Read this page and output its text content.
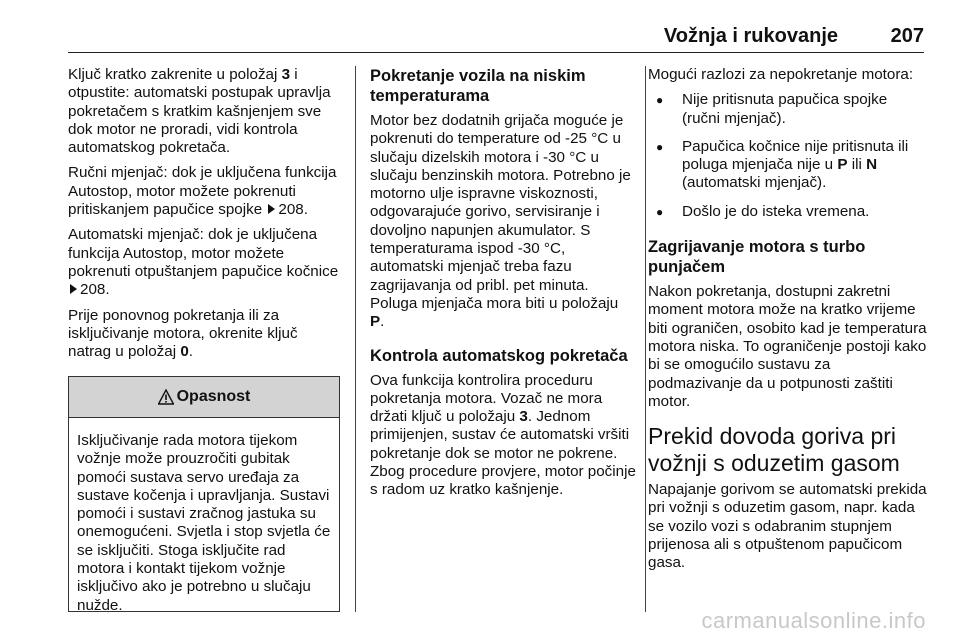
Vožnja i rukovanje	207

Ključ kratko zakrenite u položaj 3 i otpustite: automatski postupak upravlja pokretačem s kratkim kašnjenjem sve dok motor ne proradi, vidi kontrola automatskog pokretača.

Ručni mjenjač: dok je uključena funkcija Autostop, motor možete pokrenuti pritiskanjem papučice spojke 208.

Automatski mjenjač: dok je uključena funkcija Autostop, motor možete pokrenuti otpuštanjem papučice kočnice 208.

Prije ponovnog pokretanja ili za isključivanje motora, okrenite ključ natrag u položaj 0.

Opasnost
Isključivanje rada motora tijekom vožnje može prouzročiti gubitak pomoći sustava servo uređaja za sustave kočenja i upravljanja. Sustavi pomoći i sustavi zračnog jastuka su onemogućeni. Svjetla i stop svjetla će se isključiti. Stoga isključite rad motora i kontakt tijekom vožnje isključivo ako je potrebno u slučaju nužde.
Pokretanje vozila na niskim temperaturama

Motor bez dodatnih grijača moguće je pokrenuti do temperature od -25 °C u slučaju dizelskih motora i -30 °C u slučaju benzinskih motora. Potrebno je motorno ulje ispravne viskoznosti, odgovarajuće gorivo, servisiranje i dovoljno napunjen akumulator. S temperaturama ispod -30 °C, automatski mjenjač treba fazu zagrijavanja od pribl. pet minuta. Poluga mjenjača mora biti u položaju P.

Kontrola automatskog pokretača

Ova funkcija kontrolira proceduru pokretanja motora. Vozač ne mora držati ključ u položaju 3. Jednom primijenjen, sustav će automatski vršiti pokretanje dok se motor ne pokrene. Zbog procedure provjere, motor počinje s radom uz kratko kašnjenje.

Mogući razlozi za nepokretanje motora:

● Nije pritisnuta papučica spojke (ručni mjenjač).
● Papučica kočnice nije pritisnuta ili poluga mjenjača nije u P ili N (automatski mjenjač).
● Došlo je do isteka vremena.
Zagrijavanje motora s turbo punjačem

Nakon pokretanja, dostupni zakretni moment motora može na kratko vrijeme biti ograničen, osobito kad je temperatura motora niska. To ograničenje postoji kako bi se omogućilo sustavu za podmazivanje da u potpunosti zaštiti motor.

Prekid dovoda goriva pri vožnji s oduzetim gasom

Napajanje gorivom se automatski prekida pri vožnji s oduzetim gasom, napr. kada se vozilo vozi s odabranim stupnjem prijenosa ali s otpuštenom papučicom gasa.

carmanualsonline.info
